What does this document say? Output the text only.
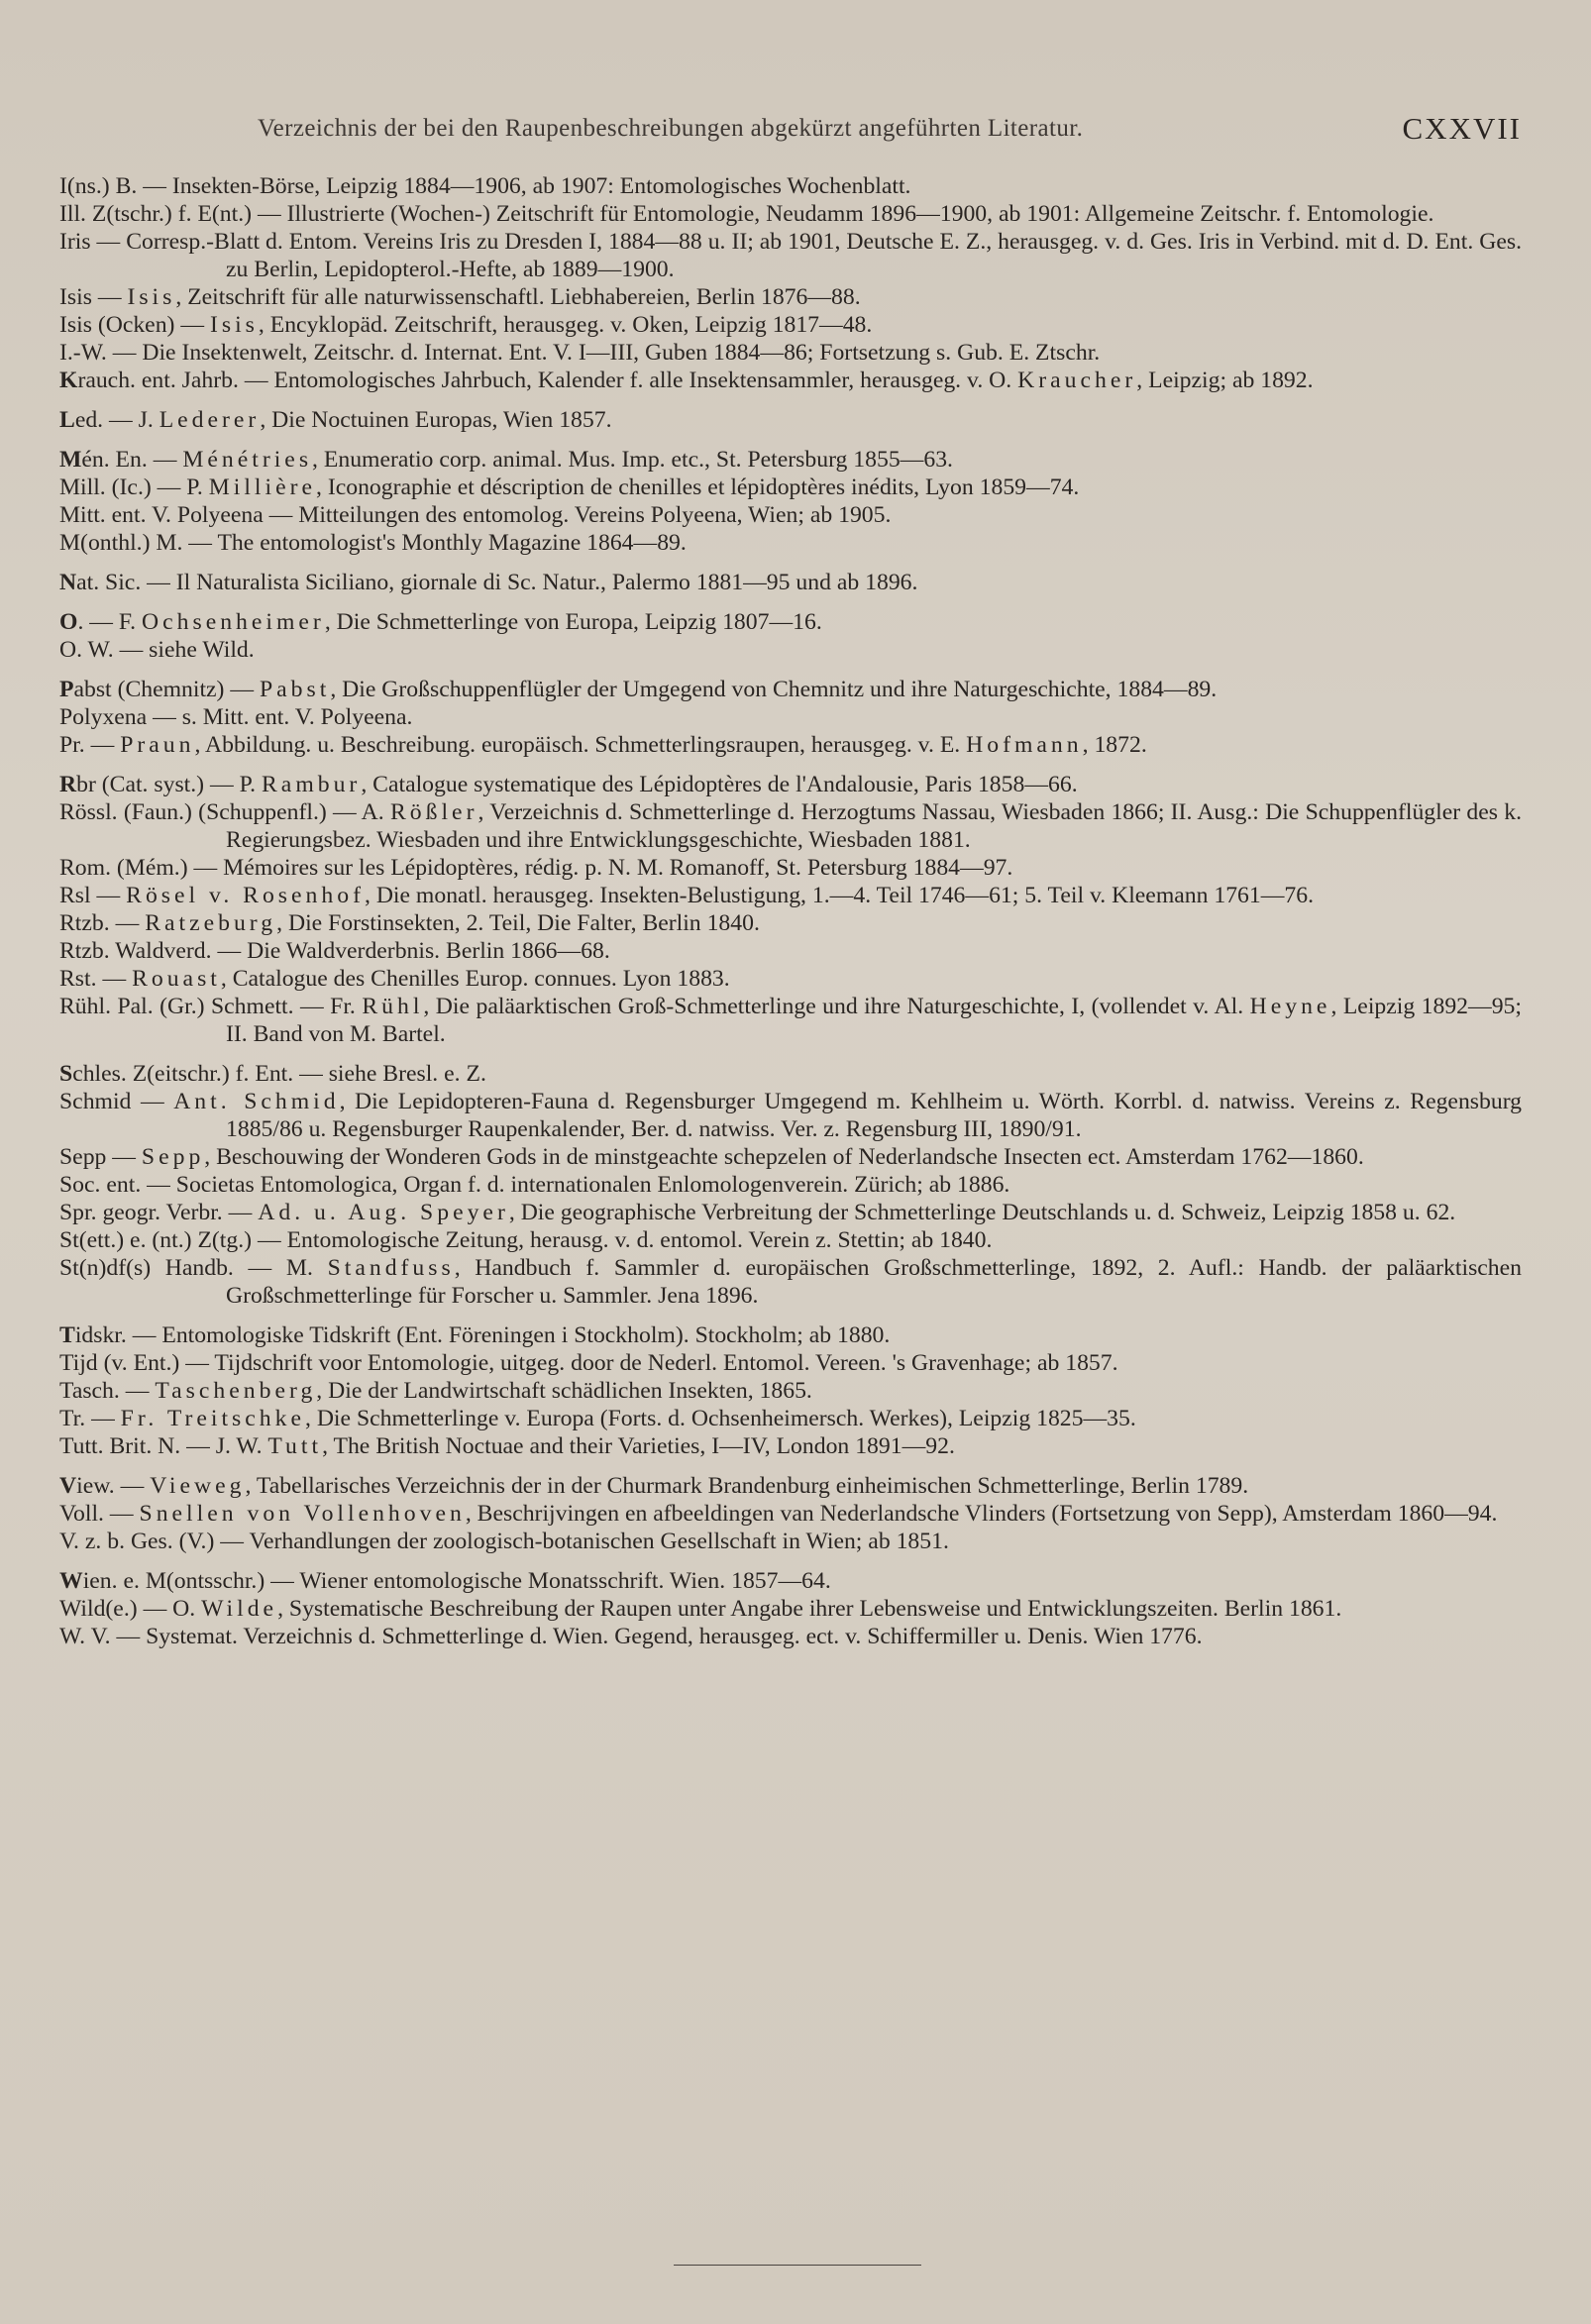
Verzeichnis der bei den Raupenbeschreibungen abgekürzt angeführten Literatur.	CXXVII

I(ns.) B. — Insekten-Börse, Leipzig 1884—1906, ab 1907: Entomologisches Wochenblatt.

Ill. Z(tschr.) f. E(nt.) — Illustrierte (Wochen-) Zeitschrift für Entomologie, Neudamm 1896—1900, ab 1901: Allgemeine Zeitschr. f. Entomologie.

Iris — Corresp.-Blatt d. Entom. Vereins Iris zu Dresden I, 1884—88 u. II; ab 1901, Deutsche E. Z., herausgeg. v. d. Ges. Iris in Verbind. mit d. D. Ent. Ges. zu Berlin, Lepidopterol.-Hefte, ab 1889—1900.

Isis — Isis, Zeitschrift für alle naturwissenschaftl. Liebhabereien, Berlin 1876—88.

Isis (Ocken) — Isis, Encyklopäd. Zeitschrift, herausgeg. v. Oken, Leipzig 1817—48.

I.-W. — Die Insektenwelt, Zeitschr. d. Internat. Ent. V. I—III, Guben 1884—86; Fortsetzung s. Gub. E. Ztschr.

Krauch. ent. Jahrb. — Entomologisches Jahrbuch, Kalender f. alle Insektensammler, herausgeg. v. O. Kraucher, Leipzig; ab 1892.

Led. — J. Lederer, Die Noctuinen Europas, Wien 1857.

Mén. En. — Ménétries, Enumeratio corp. animal. Mus. Imp. etc., St. Petersburg 1855—63.

Mill. (Ic.) — P. Millière, Iconographie et déscription de chenilles et lépidoptères inédits, Lyon 1859—74.

Mitt. ent. V. Polyeena — Mitteilungen des entomolog. Vereins Polyeena, Wien; ab 1905.

M(onthl.) M. — The entomologist's Monthly Magazine 1864—89.

Nat. Sic. — Il Naturalista Siciliano, giornale di Sc. Natur., Palermo 1881—95 und ab 1896.

O. — F. Ochsenheimer, Die Schmetterlinge von Europa, Leipzig 1807—16.

O. W. — siehe Wild.

Pabst (Chemnitz) — Pabst, Die Großschuppenflügler der Umgegend von Chemnitz und ihre Naturgeschichte, 1884—89.

Polyxena — s. Mitt. ent. V. Polyeena.

Pr. — Praun, Abbildung. u. Beschreibung. europäisch. Schmetterlingsraupen, herausgeg. v. E. Hofmann, 1872.

Rbr (Cat. syst.) — P. Rambur, Catalogue systematique des Lépidoptères de l'Andalousie, Paris 1858—66.

Rössl. (Faun.) (Schuppenfl.) — A. Rößler, Verzeichnis d. Schmetterlinge d. Herzogtums Nassau, Wiesbaden 1866; II. Ausg.: Die Schuppenflügler des k. Regierungsbez. Wiesbaden und ihre Entwicklungsgeschichte, Wiesbaden 1881.

Rom. (Mém.) — Mémoires sur les Lépidoptères, rédig. p. N. M. Romanoff, St. Petersburg 1884—97.

Rsl — Rösel v. Rosenhof, Die monatl. herausgeg. Insekten-Belustigung, 1.—4. Teil 1746—61; 5. Teil v. Kleemann 1761—76.

Rtzb. — Ratzeburg, Die Forstinsekten, 2. Teil, Die Falter, Berlin 1840.

Rtzb. Waldverd. — Die Waldverderbnis. Berlin 1866—68.

Rst. — Rouast, Catalogue des Chenilles Europ. connues. Lyon 1883.

Rühl. Pal. (Gr.) Schmett. — Fr. Rühl, Die paläarktischen Groß-Schmetterlinge und ihre Naturgeschichte, I, (vollendet v. Al. Heyne, Leipzig 1892—95; II. Band von M. Bartel.

Schles. Z(eitschr.) f. Ent. — siehe Bresl. e. Z.

Schmid — Ant. Schmid, Die Lepidopteren-Fauna d. Regensburger Umgegend m. Kehlheim u. Wörth. Korrbl. d. natwiss. Vereins z. Regensburg 1885/86 u. Regensburger Raupenkalender, Ber. d. natwiss. Ver. z. Regensburg III, 1890/91.

Sepp — Sepp, Beschouwing der Wonderen Gods in de minstgeachte schepzelen of Nederlandsche Insecten ect. Amsterdam 1762—1860.

Soc. ent. — Societas Entomologica, Organ f. d. internationalen Enlomologenverein. Zürich; ab 1886.

Spr. geogr. Verbr. — Ad. u. Aug. Speyer, Die geographische Verbreitung der Schmetterlinge Deutschlands u. d. Schweiz, Leipzig 1858 u. 62.

St(ett.) e. (nt.) Z(tg.) — Entomologische Zeitung, herausg. v. d. entomol. Verein z. Stettin; ab 1840.

St(n)df(s) Handb. — M. Standfuss, Handbuch f. Sammler d. europäischen Großschmetterlinge, 1892, 2. Aufl.: Handb. der paläarktischen Großschmetterlinge für Forscher u. Sammler. Jena 1896.

Tidskr. — Entomologiske Tidskrift (Ent. Föreningen i Stockholm). Stockholm; ab 1880.

Tijd (v. Ent.) — Tijdschrift voor Entomologie, uitgeg. door de Nederl. Entomol. Vereen. 's Gravenhage; ab 1857.

Tasch. — Taschenberg, Die der Landwirtschaft schädlichen Insekten, 1865.

Tr. — Fr. Treitschke, Die Schmetterlinge v. Europa (Forts. d. Ochsenheimersch. Werkes), Leipzig 1825—35.

Tutt. Brit. N. — J. W. Tutt, The British Noctuae and their Varieties, I—IV, London 1891—92.

View. — Vieweg, Tabellarisches Verzeichnis der in der Churmark Brandenburg einheimischen Schmetterlinge, Berlin 1789.

Voll. — Snellen von Vollenhoven, Beschrijvingen en afbeeldingen van Nederlandsche Vlinders (Fortsetzung von Sepp), Amsterdam 1860—94.

V. z. b. Ges. (V.) — Verhandlungen der zoologisch-botanischen Gesellschaft in Wien; ab 1851.

Wien. e. M(ontsschr.) — Wiener entomologische Monatsschrift. Wien. 1857—64.

Wild(e.) — O. Wilde, Systematische Beschreibung der Raupen unter Angabe ihrer Lebensweise und Entwicklungszeiten. Berlin 1861.

W. V. — Systemat. Verzeichnis d. Schmetterlinge d. Wien. Gegend, herausgeg. ect. v. Schiffermiller u. Denis. Wien 1776.
